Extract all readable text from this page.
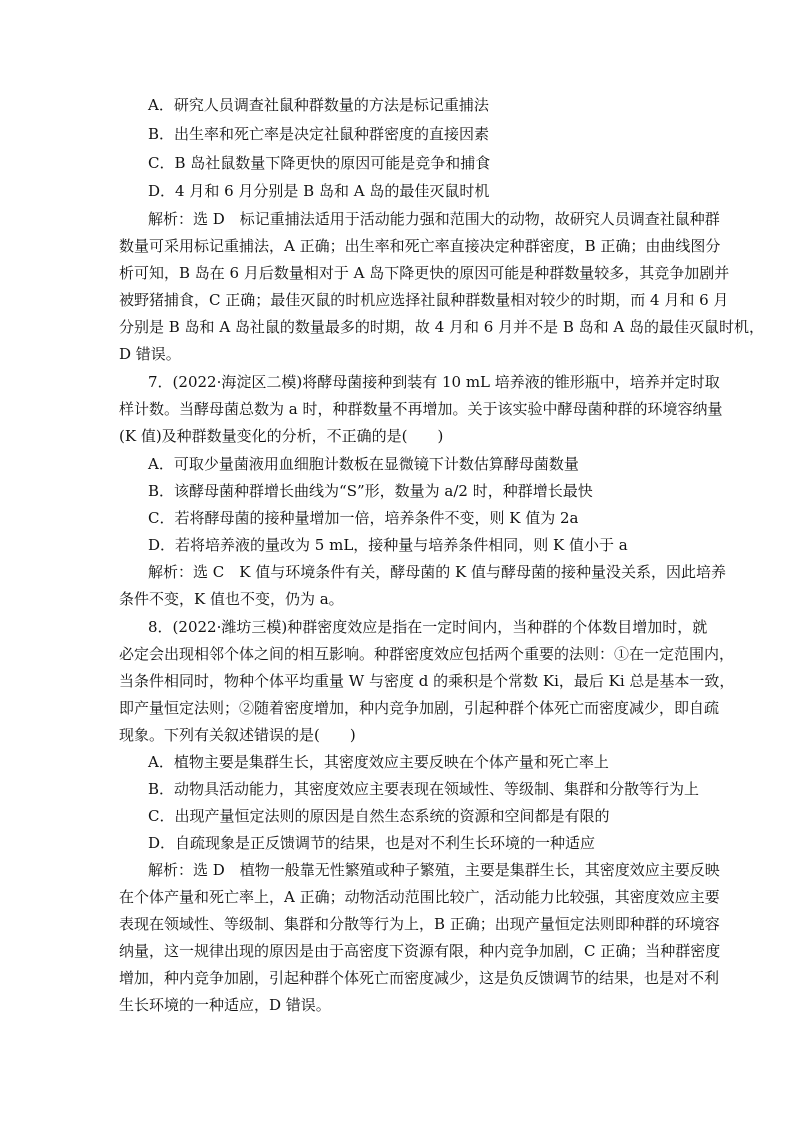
A．研究人员调查社鼠种群数量的方法是标记重捕法
B．出生率和死亡率是决定社鼠种群密度的直接因素
C．B 岛社鼠数量下降更快的原因可能是竞争和捕食
D．4 月和 6 月分别是 B 岛和 A 岛的最佳灭鼠时机
解析：选 D　标记重捕法适用于活动能力强和范围大的动物，故研究人员调查社鼠种群
数量可采用标记重捕法，A 正确；出生率和死亡率直接决定种群密度，B 正确；由曲线图分
析可知，B 岛在 6 月后数量相对于 A 岛下降更快的原因可能是种群数量较多，其竞争加剧并
被野猪捕食，C 正确；最佳灭鼠的时机应选择社鼠种群数量相对较少的时期，而 4 月和 6 月
分别是 B 岛和 A 岛社鼠的数量最多的时期，故 4 月和 6 月并不是 B 岛和 A 岛的最佳灭鼠时机，
D 错误。
7．(2022·海淀区二模)将酵母菌接种到装有 10 mL 培养液的锥形瓶中，培养并定时取
样计数。当酵母菌总数为 a 时，种群数量不再增加。关于该实验中酵母菌种群的环境容纳量
(K 值)及种群数量变化的分析，不正确的是(　　)
A．可取少量菌液用血细胞计数板在显微镜下计数估算酵母菌数量
B．该酵母菌种群增长曲线为“S”形，数量为 a/2 时，种群增长最快
C．若将酵母菌的接种量增加一倍，培养条件不变，则 K 值为 2a
D．若将培养液的量改为 5 mL，接种量与培养条件相同，则 K 值小于 a
解析：选 C　K 值与环境条件有关，酵母菌的 K 值与酵母菌的接种量没关系，因此培养
条件不变，K 值也不变，仍为 a。
8．(2022·潍坊三模)种群密度效应是指在一定时间内，当种群的个体数目增加时，就
必定会出现相邻个体之间的相互影响。种群密度效应包括两个重要的法则：①在一定范围内，
当条件相同时，物种个体平均重量 W 与密度 d 的乘积是个常数 Ki，最后 Ki 总是基本一致，
即产量恒定法则；②随着密度增加，种内竞争加剧，引起种群个体死亡而密度减少，即自疏
现象。下列有关叙述错误的是(　　)
A．植物主要是集群生长，其密度效应主要反映在个体产量和死亡率上
B．动物具活动能力，其密度效应主要表现在领域性、等级制、集群和分散等行为上
C．出现产量恒定法则的原因是自然生态系统的资源和空间都是有限的
D．自疏现象是正反馈调节的结果，也是对不利生长环境的一种适应
解析：选 D　植物一般靠无性繁殖或种子繁殖，主要是集群生长，其密度效应主要反映
在个体产量和死亡率上，A 正确；动物活动范围比较广，活动能力比较强，其密度效应主要
表现在领域性、等级制、集群和分散等行为上，B 正确；出现产量恒定法则即种群的环境容
纳量，这一规律出现的原因是由于高密度下资源有限，种内竞争加剧，C 正确；当种群密度
增加，种内竞争加剧，引起种群个体死亡而密度减少，这是负反馈调节的结果，也是对不利
生长环境的一种适应，D 错误。
